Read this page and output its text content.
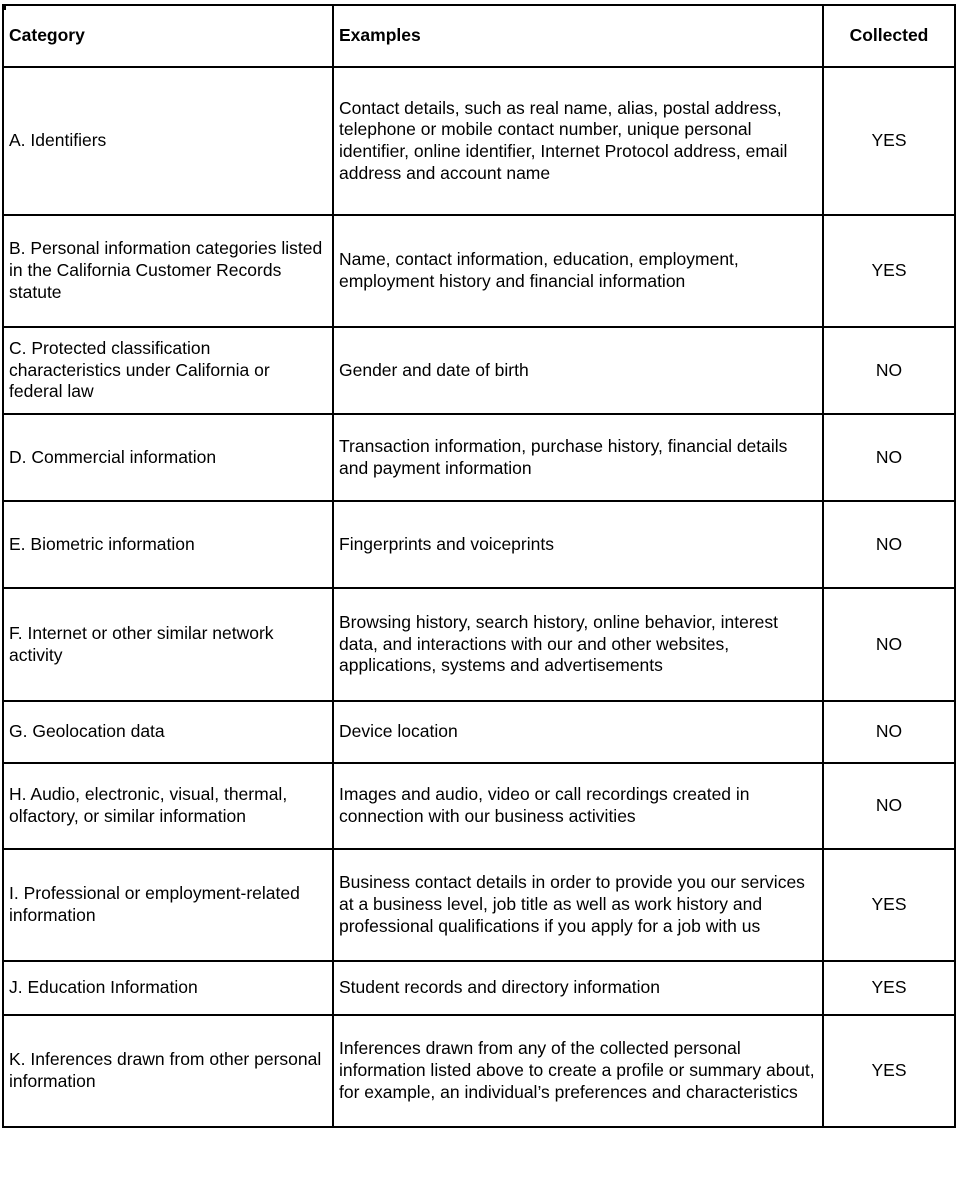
Category	Examples	Collected
A. Identifiers	Contact details, such as real name, alias, postal address, telephone or mobile contact number, unique personal identifier, online identifier, Internet Protocol address, email address and account name	YES
B. Personal information categories listed in the California Customer Records statute	Name, contact information, education, employment, employment history and financial information	YES
C. Protected classification characteristics under California or federal law	Gender and date of birth	NO
D. Commercial information	Transaction information, purchase history, financial details and payment information	NO
E. Biometric information	Fingerprints and voiceprints	NO
F. Internet or other similar network activity	Browsing history, search history, online behavior, interest data, and interactions with our and other websites, applications, systems and advertisements	NO
G. Geolocation data	Device location	NO
H. Audio, electronic, visual, thermal, olfactory, or similar information	Images and audio, video or call recordings created in connection with our business activities	NO
I. Professional or employment-related information	Business contact details in order to provide you our services at a business level, job title as well as work history and professional qualifications if you apply for a job with us	YES
J. Education Information	Student records and directory information	YES
K. Inferences drawn from other personal information	Inferences drawn from any of the collected personal information listed above to create a profile or summary about, for example, an individual’s preferences and characteristics	YES
